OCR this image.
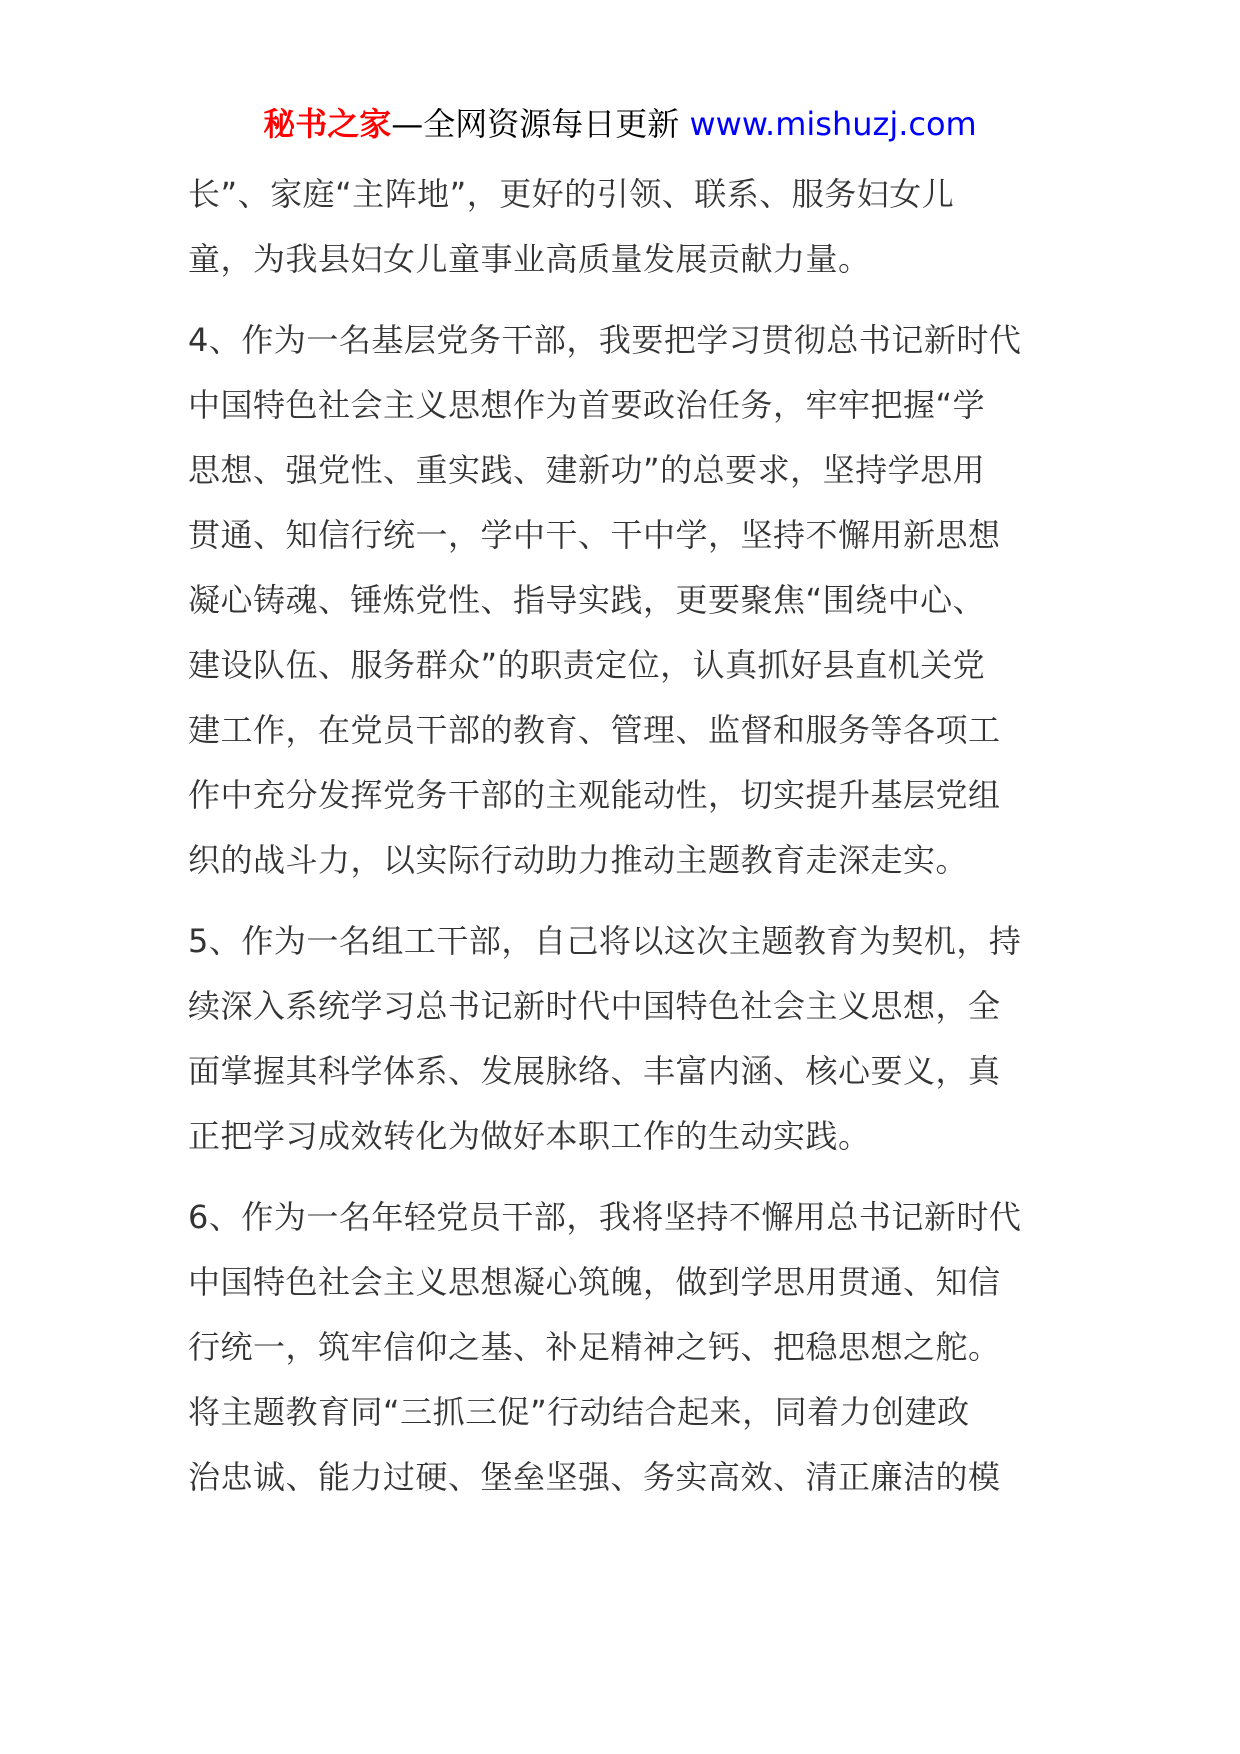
秘书之家—全网资源每日更新 www.mishuzj.com

长”、家庭“主阵地”，更好的引领、联系、服务妇女儿
童，为我县妇女儿童事业高质量发展贡献力量。

4、作为一名基层党务干部，我要把学习贯彻总书记新时代
中国特色社会主义思想作为首要政治任务，牢牢把握“学
思想、强党性、重实践、建新功”的总要求，坚持学思用
贯通、知信行统一，学中干、干中学，坚持不懈用新思想
凝心铸魂、锤炼党性、指导实践，更要聚焦“围绕中心、
建设队伍、服务群众”的职责定位，认真抓好县直机关党
建工作，在党员干部的教育、管理、监督和服务等各项工
作中充分发挥党务干部的主观能动性，切实提升基层党组
织的战斗力，以实际行动助力推动主题教育走深走实。

5、作为一名组工干部，自己将以这次主题教育为契机，持
续深入系统学习总书记新时代中国特色社会主义思想，全
面掌握其科学体系、发展脉络、丰富内涵、核心要义，真
正把学习成效转化为做好本职工作的生动实践。

6、作为一名年轻党员干部，我将坚持不懈用总书记新时代
中国特色社会主义思想凝心筑魄，做到学思用贯通、知信
行统一，筑牢信仰之基、补足精神之钙、把稳思想之舵。
将主题教育同“三抓三促”行动结合起来，同着力创建政
治忠诚、能力过硬、堡垒坚强、务实高效、清正廉洁的模
